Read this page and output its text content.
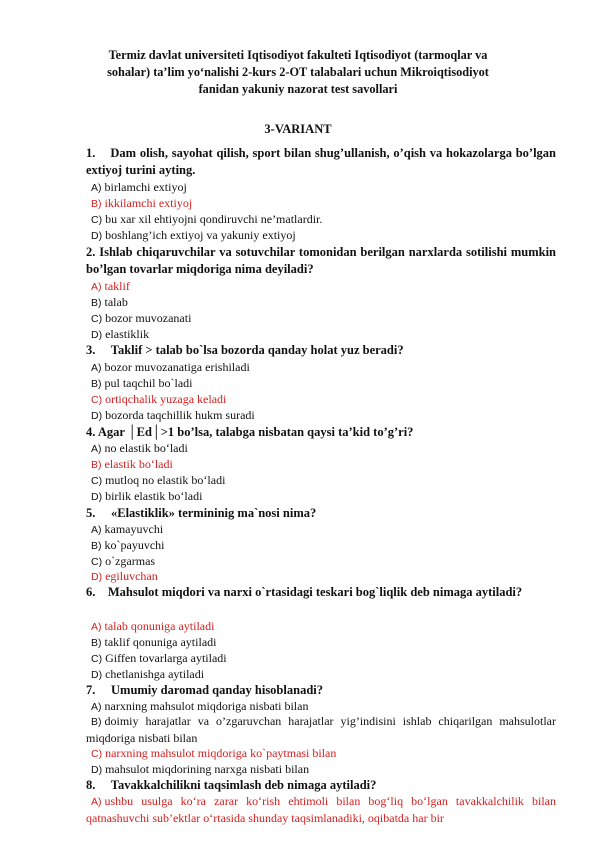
Termiz davlat universiteti Iqtisodiyot fakulteti Iqtisodiyot (tarmoqlar va sohalar) ta’lim yo‘nalishi 2-kurs 2-OT talabalari uchun Mikroiqtisodiyot fanidan yakuniy nazorat test savollari
3-VARIANT
1. Dam olish, sayohat qilish, sport bilan shug’ullanish, o’qish va hokazolarga bo’lgan extiyoj turini ayting.
A) birlamchi extiyoj
B) ikkilamchi extiyoj
C) bu xar xil ehtiyojni qondiruvchi ne’matlardir.
D) boshlang’ich extiyoj va yakuniy extiyoj
2. Ishlab chiqaruvchilar va sotuvchilar tomonidan berilgan narxlarda sotilishi mumkin bo’lgan tovarlar miqdoriga nima deyiladi?
A) taklif
B) talab
C) bozor muvozanati
D) elastiklik
3. Taklif > talab bo`lsa bozorda qanday holat yuz beradi?
A) bozor muvozanatiga erishiladi
B) pul taqchil bo`ladi
C) ortiqchalik yuzaga keladi
D) bozorda taqchillik hukm suradi
4. Agar │Ed│>1 bo’lsa, talabga nisbatan qaysi ta’kid to’g’ri?
A) no elastik bo‘ladi
B) elastik bo‘ladi
C) mutloq no elastik bo‘ladi
D) birlik elastik bo‘ladi
5. «Elastiklik» termininig ma`nosi nima?
A) kamayuvchi
B) ko`payuvchi
C) o`zgarmas
D) egiluvchan
6. Mahsulot miqdori va narxi o`rtasidagi teskari bog`liqlik deb nimaga aytiladi?
A) talab qonuniga aytiladi
B) taklif qonuniga aytiladi
C) Giffen tovarlarga aytiladi
D) chetlanishga aytiladi
7. Umumiy daromad qanday hisoblanadi?
A) narxning mahsulot miqdoriga nisbati bilan
B) doimiy harajatlar va o’zgaruvchan harajatlar yig’indisini ishlab chiqarilgan mahsulotlar miqdoriga nisbati bilan
C) narxning mahsulot miqdoriga ko`paytmasi bilan
D) mahsulot miqdorining narxga nisbati bilan
8. Tavakkalchilikni taqsimlash deb nimaga aytiladi?
A) ushbu usulga ko‘ra zarar ko‘rish ehtimoli bilan bog‘liq bo‘lgan tavakkalchilik bilan qatnashuvchi sub’ektlar o‘rtasida shunday taqsimlanadiki, oqibatda har bir
